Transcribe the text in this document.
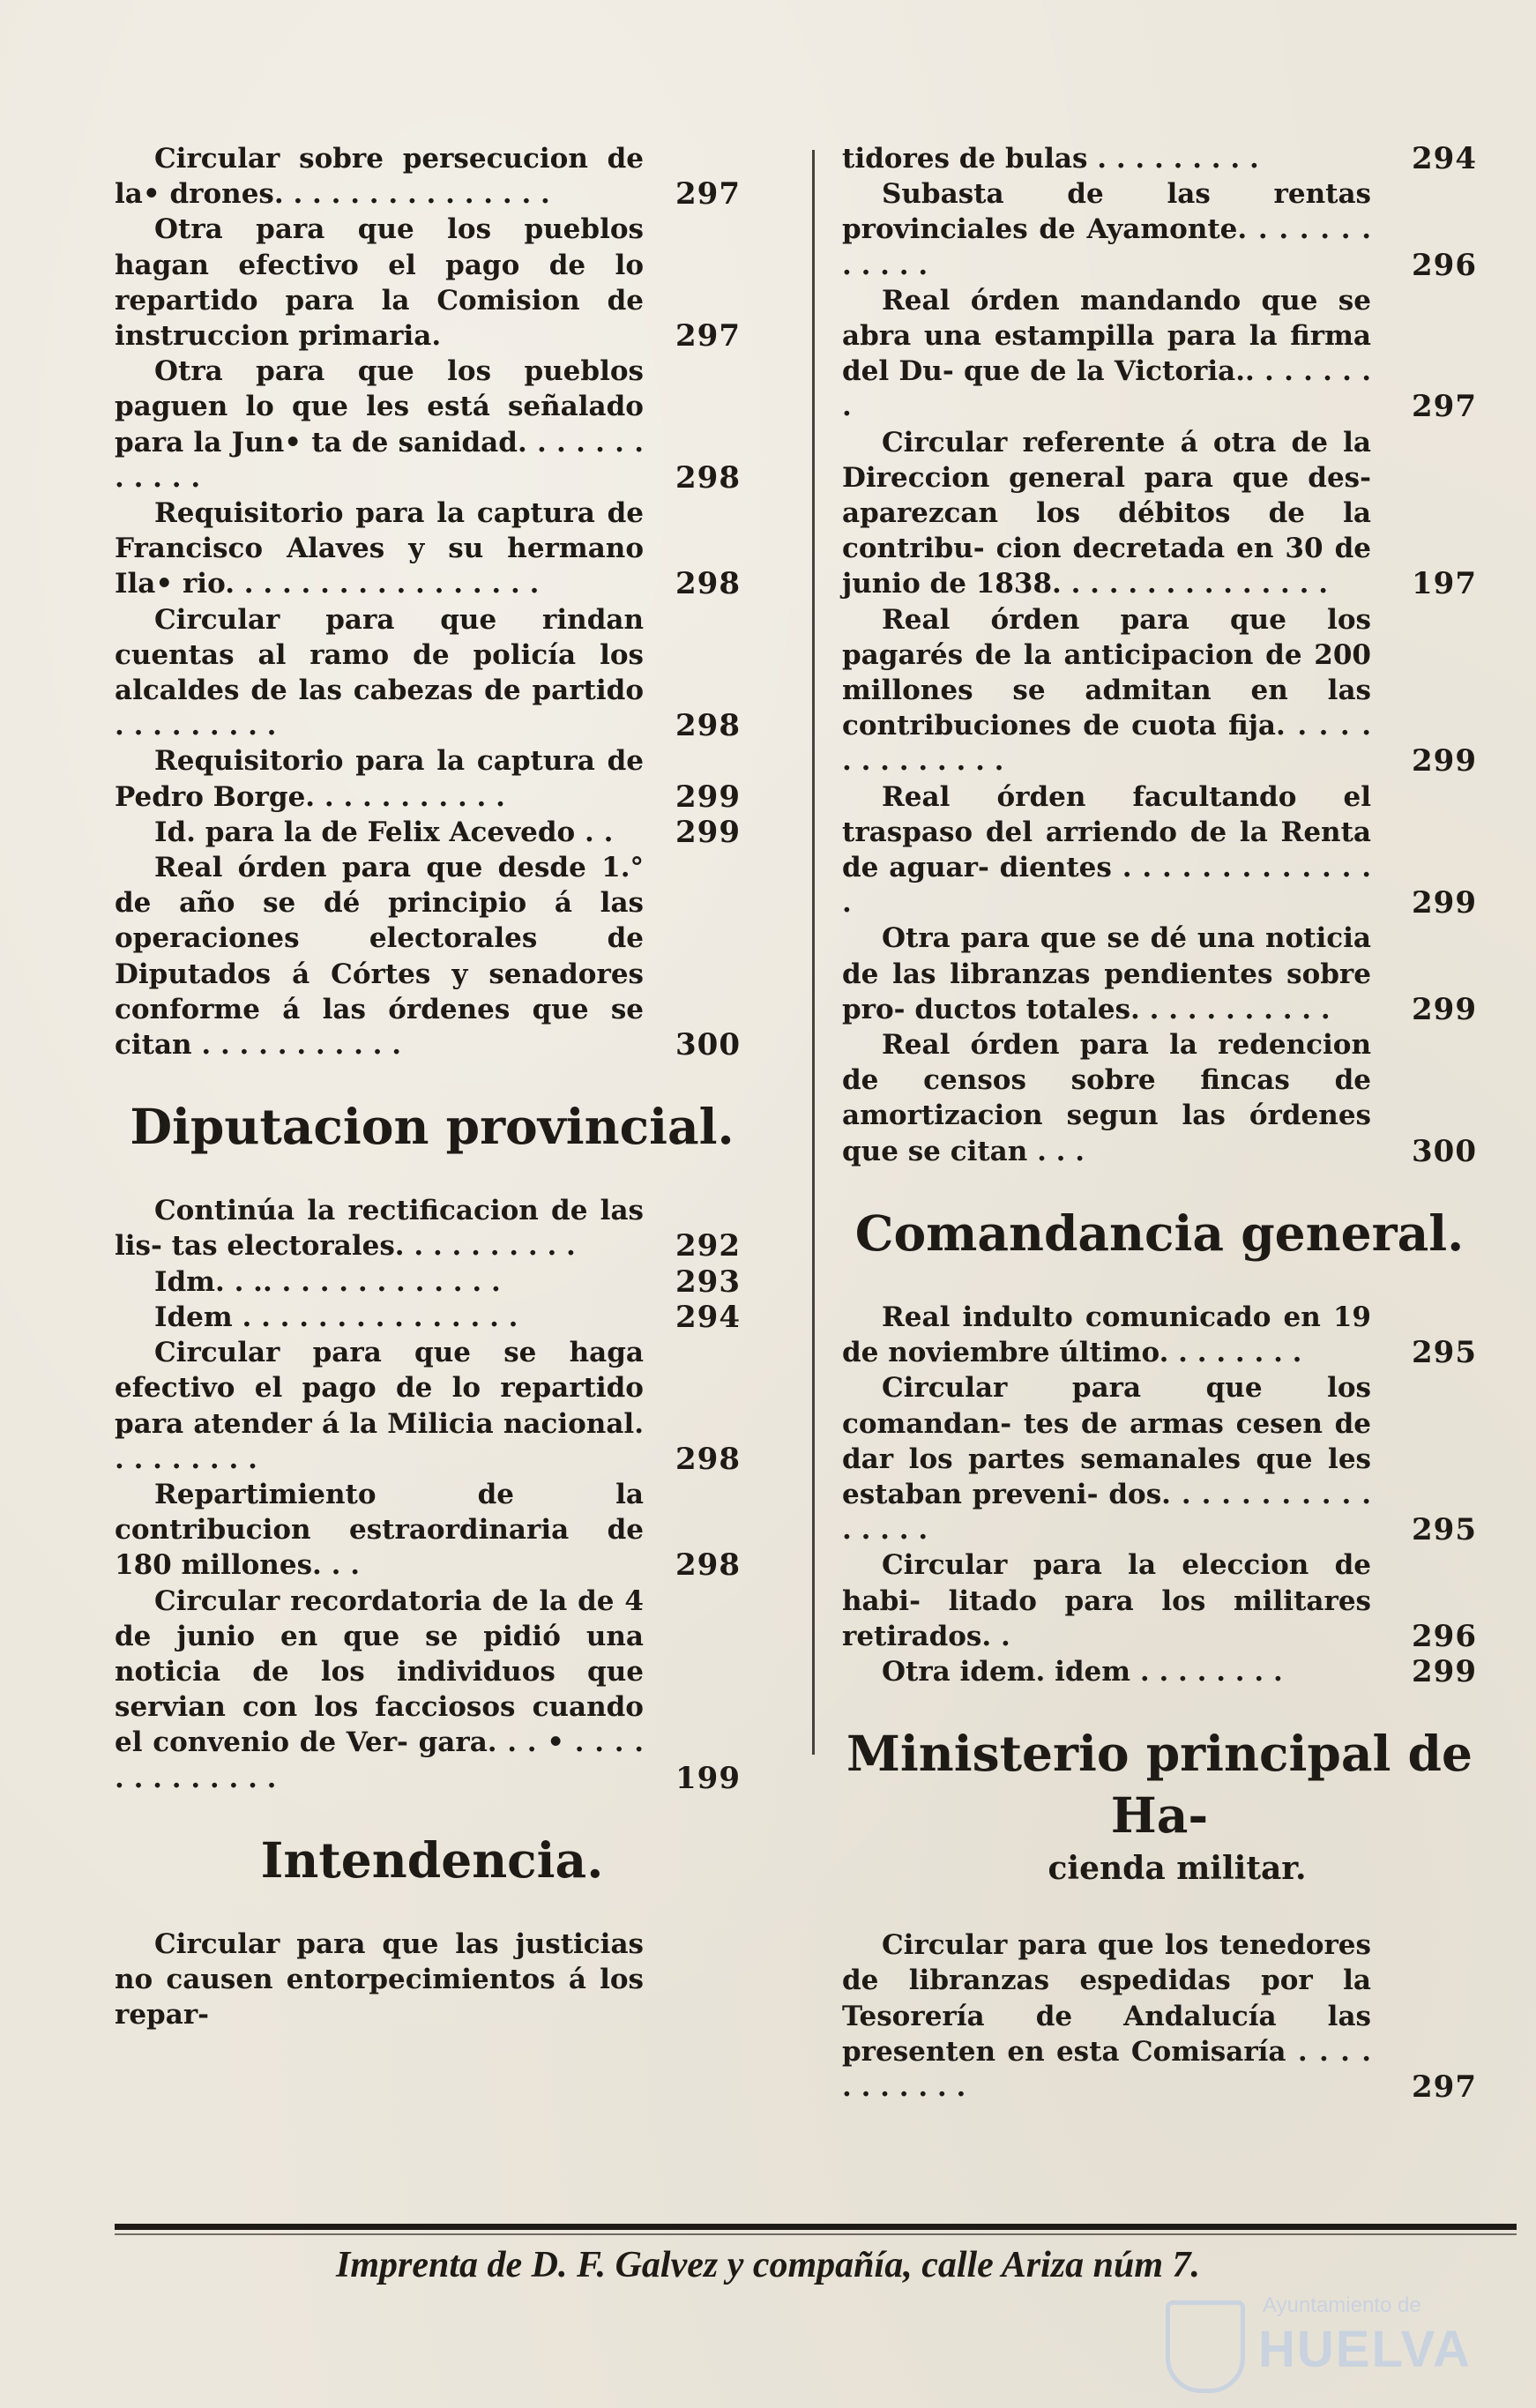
Circular sobre persecucion de la• drones. . . . . . . . . . . . . . .	297
Otra para que los pueblos hagan efectivo el pago de lo repartido para la Comision de instruccion primaria.	297
Otra para que los pueblos paguen lo que les está señalado para la Jun• ta de sanidad. . . . . . . . . . . .	298
Requisitorio para la captura de Francisco Alaves y su hermano Ila• rio. . . . . . . . . . . . . . . . .	298
Circular para que rindan cuentas al ramo de policía los alcaldes de las cabezas de partido . . . . . . . . .	298
Requisitorio para la captura de Pedro Borge. . . . . . . . . . .	299
Id. para la de Felix Acevedo . .	299
Real órden para que desde 1.° de año se dé principio á las operaciones electorales de Diputados á Córtes y senadores conforme á las órdenes que se citan . . . . . . . . . . .	300
Diputacion provincial.
Continúa la rectificacion de las lis- tas electorales. . . . . . . . . .	292
Idm. . .. . . . . . . . . . . . .	293
Idem . . . . . . . . . . . . . . .	294
Circular para que se haga efectivo el pago de lo repartido para atender á la Milicia nacional. . . . . . . . .	298
Repartimiento de la contribucion estraordinaria de 180 millones. . .	298
Circular recordatoria de la de 4 de junio en que se pidió una noticia de los individuos que servian con los facciosos cuando el convenio de Ver- gara. . . • . . . . . . . . . . . . .	199
Intendencia.
Circular para que las justicias no causen entorpecimientos á los repar-
tidores de bulas . . . . . . . . .	294
Subasta de las rentas provinciales de Ayamonte. . . . . . . . . . . .	296
Real órden mandando que se abra una estampilla para la firma del Du- que de la Victoria.. . . . . . . .	297
Circular referente á otra de la Direccion general para que des- aparezcan los débitos de la contribu- cion decretada en 30 de junio de 1838. . . . . . . . . . . . . . .	197
Real órden para que los pagarés de la anticipacion de 200 millones se admitan en las contribuciones de cuota fija. . . . . . . . . . . . . .	299
Real órden facultando el traspaso del arriendo de la Renta de aguar- dientes . . . . . . . . . . . . . .	299
Otra para que se dé una noticia de las libranzas pendientes sobre pro- ductos totales. . . . . . . . . . .	299
Real órden para la redencion de censos sobre fincas de amortizacion segun las órdenes que se citan . . .	300
Comandancia general.
Real indulto comunicado en 19 de noviembre último. . . . . . . .	295
Circular para que los comandan- tes de armas cesen de dar los partes semanales que les estaban preveni- dos. . . . . . . . . . . . . . . .	295
Circular para la eleccion de habi- litado para los militares retirados. .	296
Otra idem. idem . . . . . . . .	299
Ministerio principal de Ha-
cienda militar.
Circular para que los tenedores de libranzas espedidas por la Tesorería de Andalucía las presenten en esta Comisaría . . . . . . . . . . .	297
Imprenta de D. F. Galvez y compañía, calle Ariza núm 7.
Ayuntamiento de
HUELVA
